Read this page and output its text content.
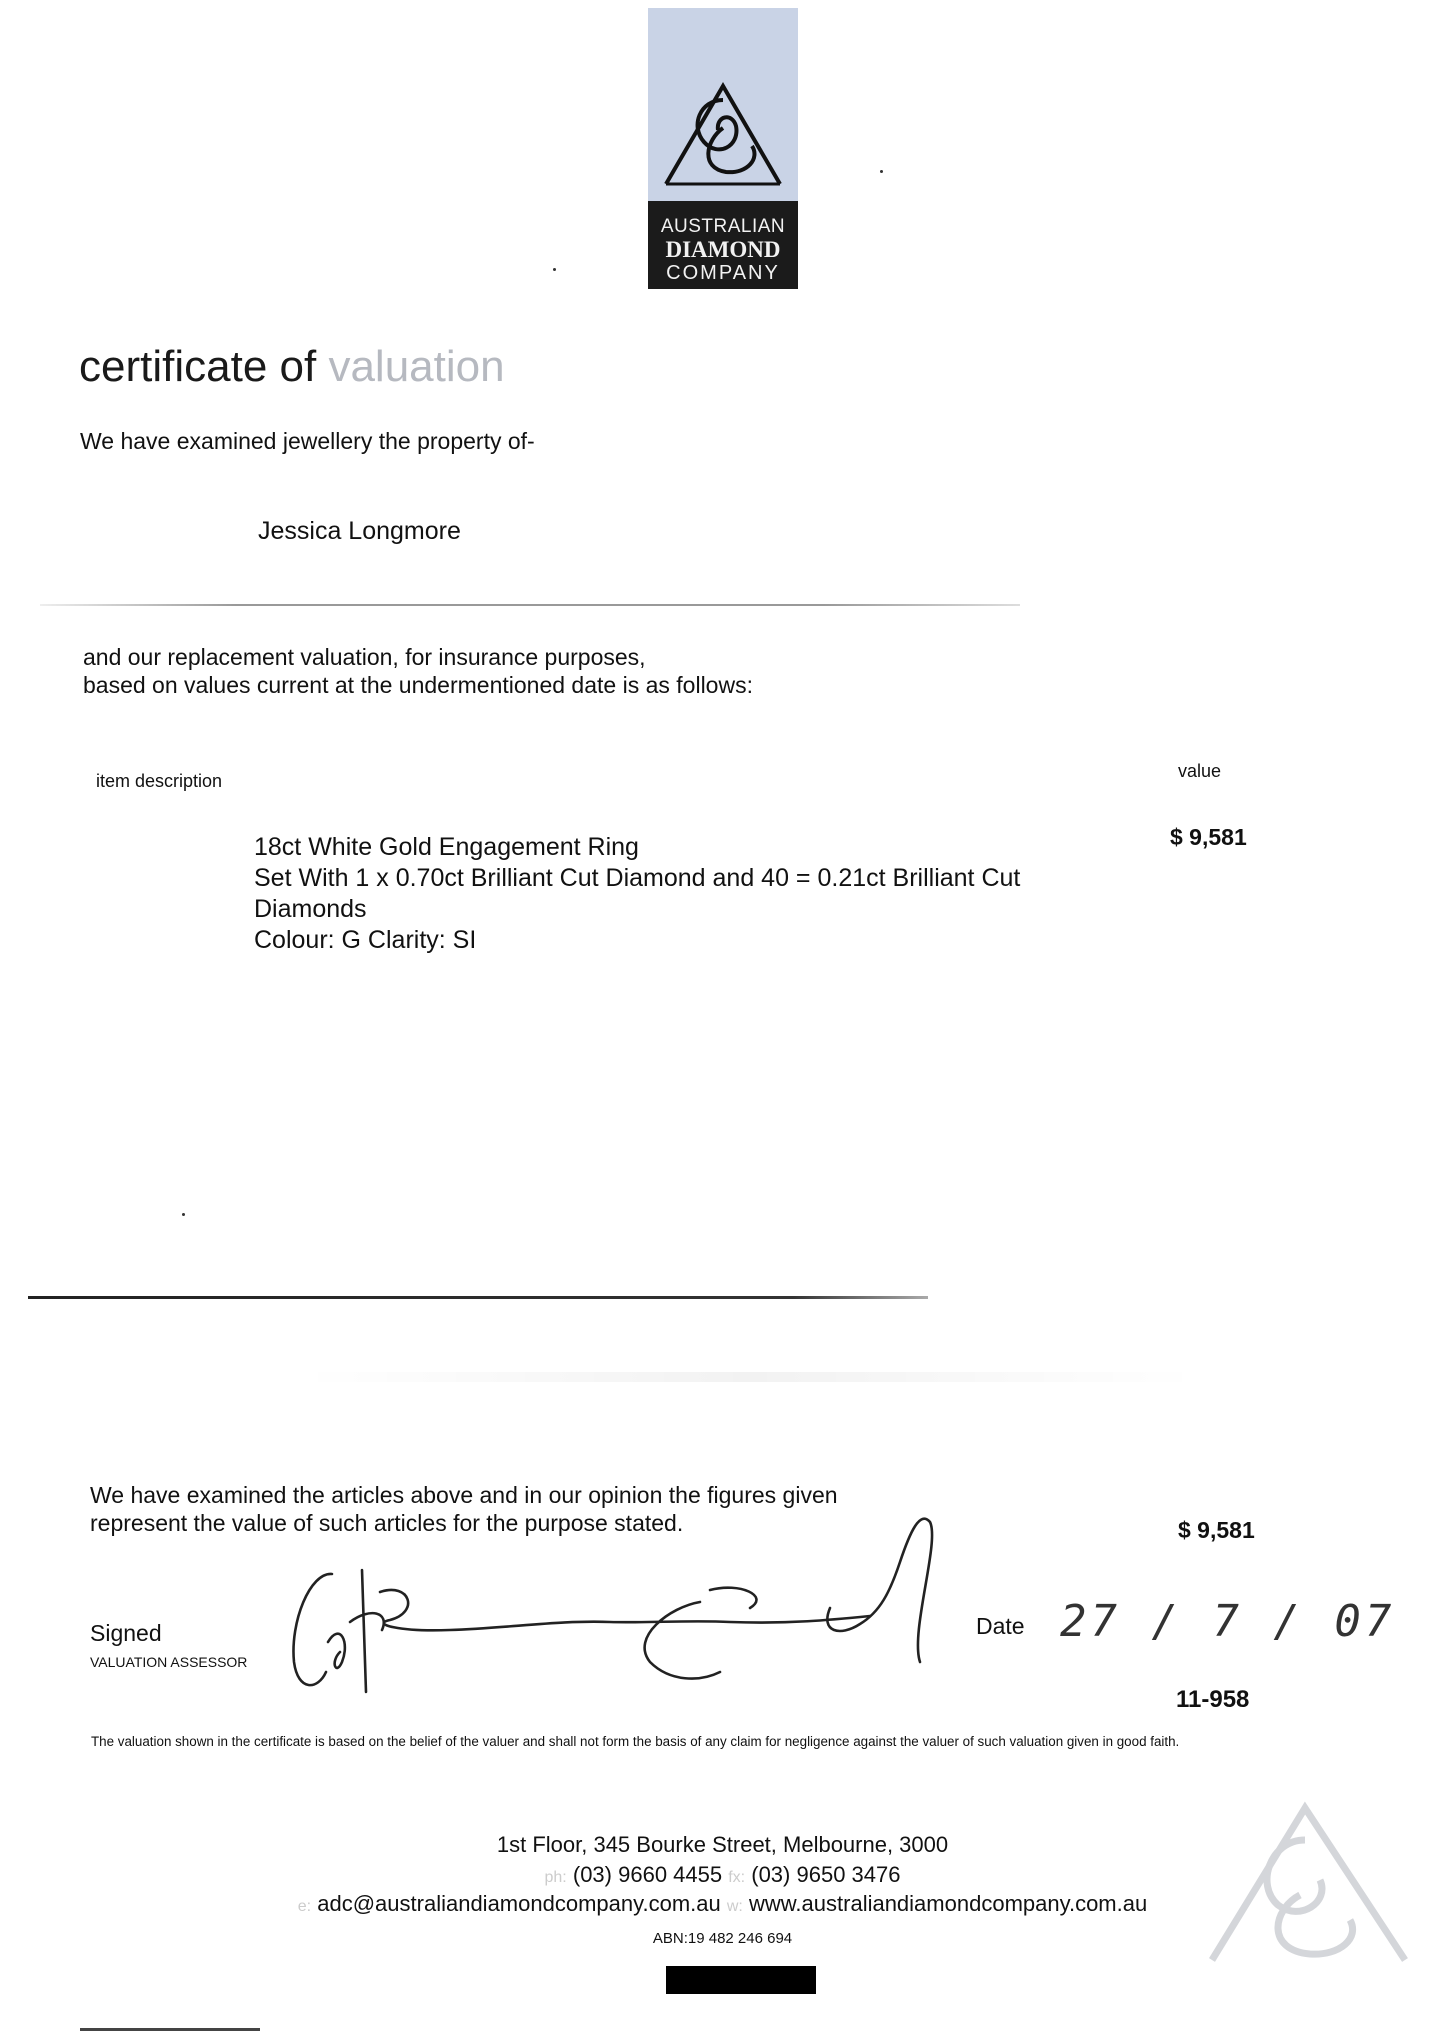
AUSTRALIAN
DIAMOND
COMPANY
certificate of valuation
We have examined jewellery the property of-
Jessica Longmore
and our replacement valuation, for insurance purposes,
based on values current at the undermentioned date is as follows:
item description	value
18ct White Gold Engagement Ring
Set With 1 x 0.70ct Brilliant Cut Diamond and 40 = 0.21ct Brilliant Cut
Diamonds
Colour: G Clarity: SI
$ 9,581
We have examined the articles above and in our opinion the figures given
represent the value of such articles for the purpose stated.	$ 9,581
Signed
VALUATION ASSESSOR
Date 27 / 7 / 07
11-958
The valuation shown in the certificate is based on the belief of the valuer and shall not form the basis of any claim for negligence against the valuer of such valuation given in good faith.
1st Floor, 345 Bourke Street, Melbourne, 3000
ph: (03) 9660 4455 fx: (03) 9650 3476
e: adc@australiandiamondcompany.com.au w: www.australiandiamondcompany.com.au
ABN:19 482 246 694
